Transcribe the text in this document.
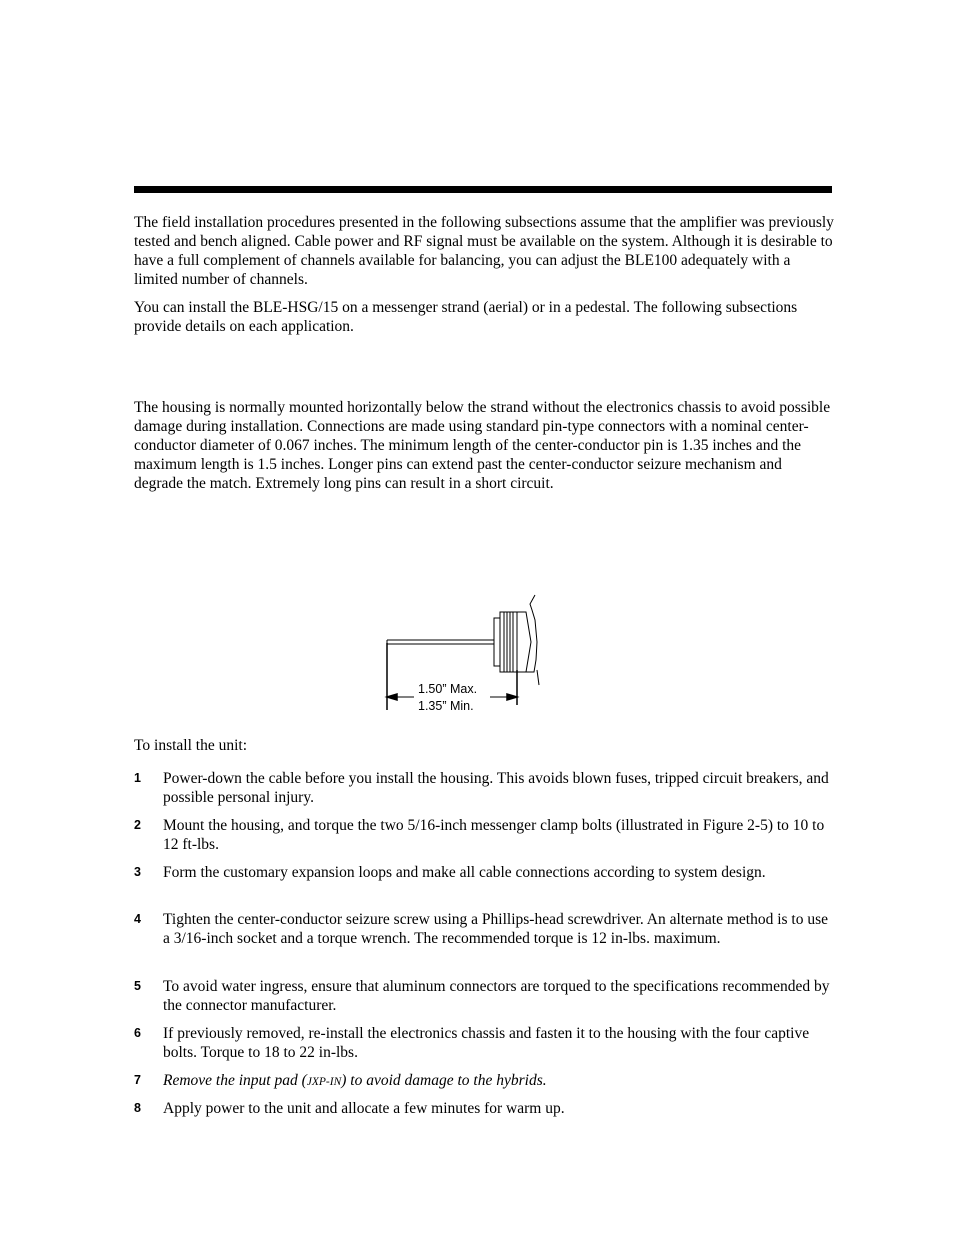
The field installation procedures presented in the following subsections assume that the amplifier was previously tested and bench aligned. Cable power and RF signal must be available on the system. Although it is desirable to have a full complement of channels available for balancing, you can adjust the BLE100 adequately with a limited number of channels.

You can install the BLE-HSG/15 on a messenger strand (aerial) or in a pedestal. The following subsections provide details on each application.

The housing is normally mounted horizontally below the strand without the electronics chassis to avoid possible damage during installation. Connections are made using standard pin-type connectors with a nominal center-conductor diameter of 0.067 inches. The minimum length of the center-conductor pin is 1.35 inches and the maximum length is 1.5 inches. Longer pins can extend past the center-conductor seizure mechanism and degrade the match. Extremely long pins can result in a short circuit.

1.50” Max.
1.35” Min.

To install the unit:

1 Power-down the cable before you install the housing. This avoids blown fuses, tripped circuit breakers, and possible personal injury.

2 Mount the housing, and torque the two 5/16-inch messenger clamp bolts (illustrated in Figure 2-5) to 10 to 12 ft-lbs.

3 Form the customary expansion loops and make all cable connections according to system design.

4 Tighten the center-conductor seizure screw using a Phillips-head screwdriver. An alternate method is to use a 3/16-inch socket and a torque wrench. The recommended torque is 12 in-lbs. maximum.

5 To avoid water ingress, ensure that aluminum connectors are torqued to the specifications recommended by the connector manufacturer.

6 If previously removed, re-install the electronics chassis and fasten it to the housing with the four captive bolts. Torque to 18 to 22 in-lbs.

7 Remove the input pad (JXP-IN) to avoid damage to the hybrids.

8 Apply power to the unit and allocate a few minutes for warm up.
